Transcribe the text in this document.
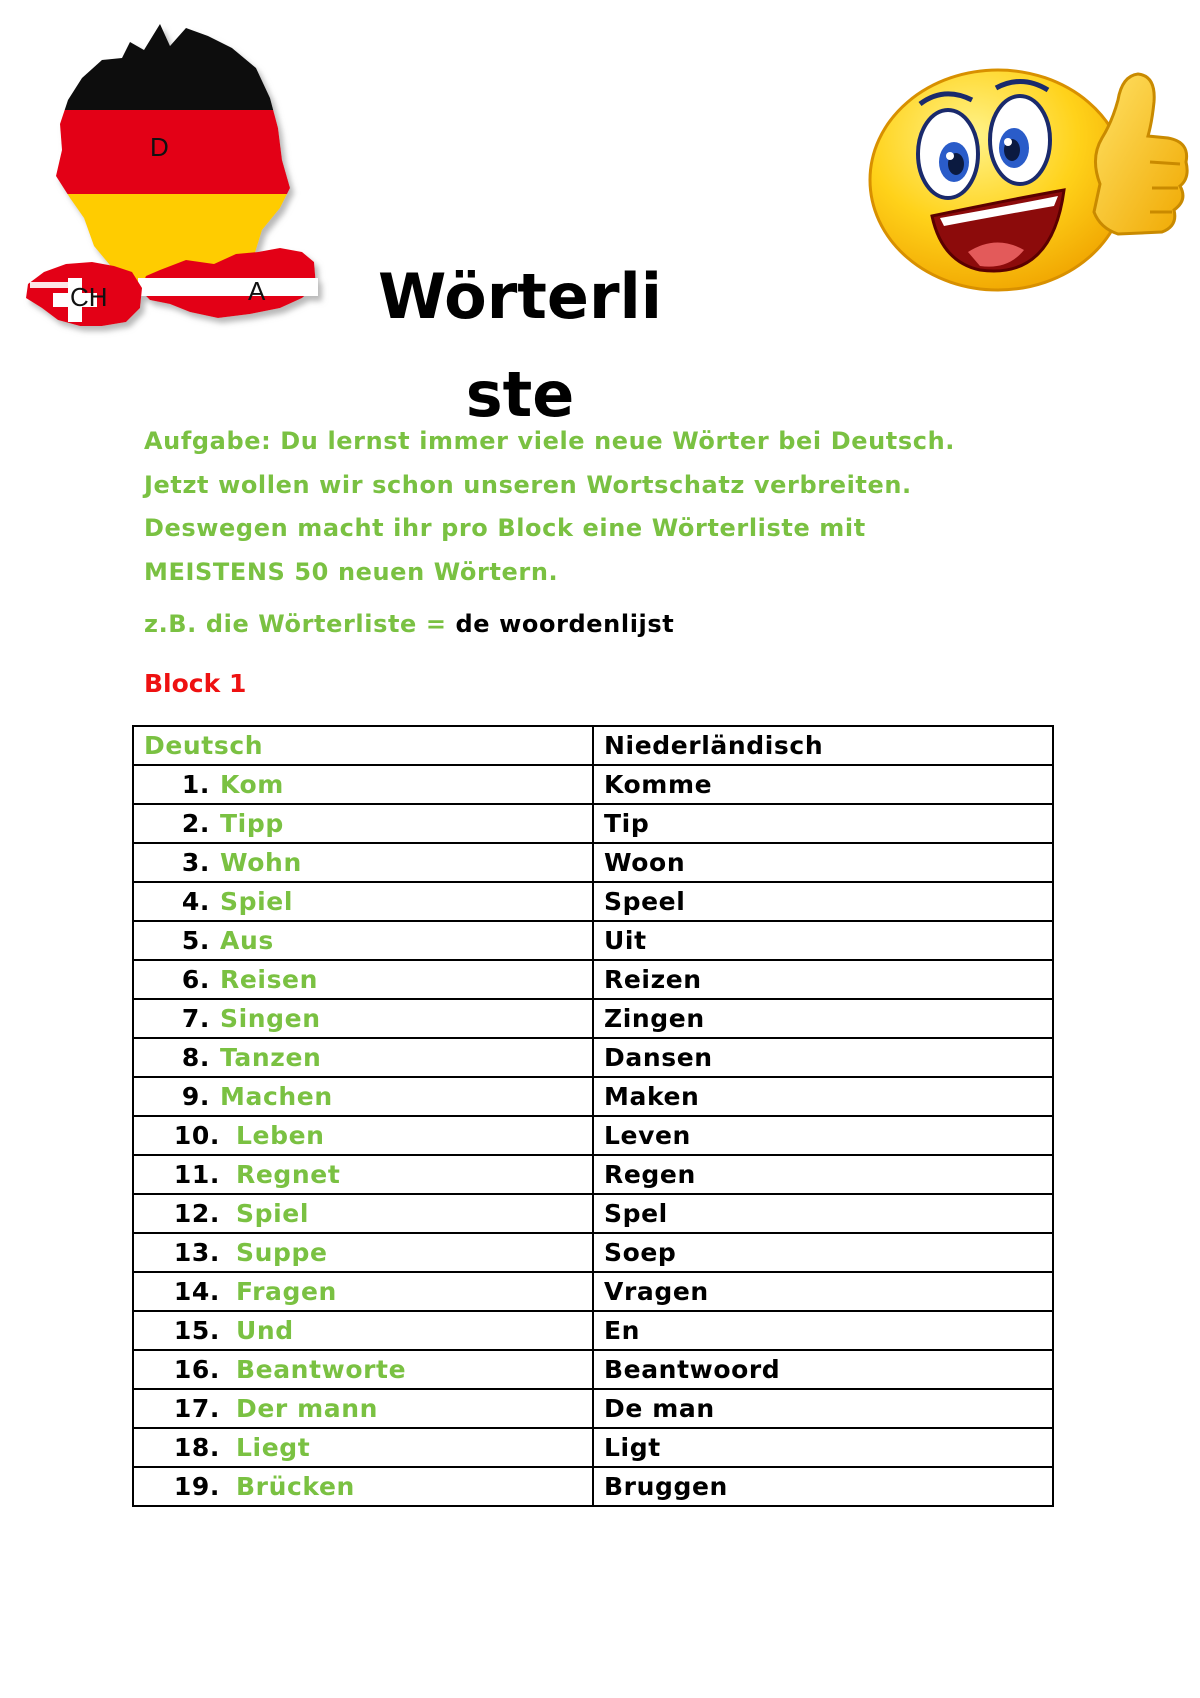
D
CH	A	Wörterli
ste
Aufgabe: Du lernst immer viele neue Wörter bei Deutsch.
Jetzt wollen wir schon unseren Wortschatz verbreiten.
Deswegen macht ihr pro Block eine Wörterliste mit
MEISTENS 50 neuen Wörtern.
z.B. die Wörterliste = de woordenlijst
Block 1
Deutsch	Niederländisch
1. Kom	Komme
2. Tipp	Tip
3. Wohn	Woon
4. Spiel	Speel
5. Aus	Uit
6. Reisen	Reizen
7. Singen	Zingen
8. Tanzen	Dansen
9. Machen	Maken
10. Leben	Leven
11. Regnet	Regen
12. Spiel	Spel
13. Suppe	Soep
14. Fragen	Vragen
15. Und	En
16. Beantworte	Beantwoord
17. Der mann	De man
18. Liegt	Ligt
19. Brücken	Bruggen
